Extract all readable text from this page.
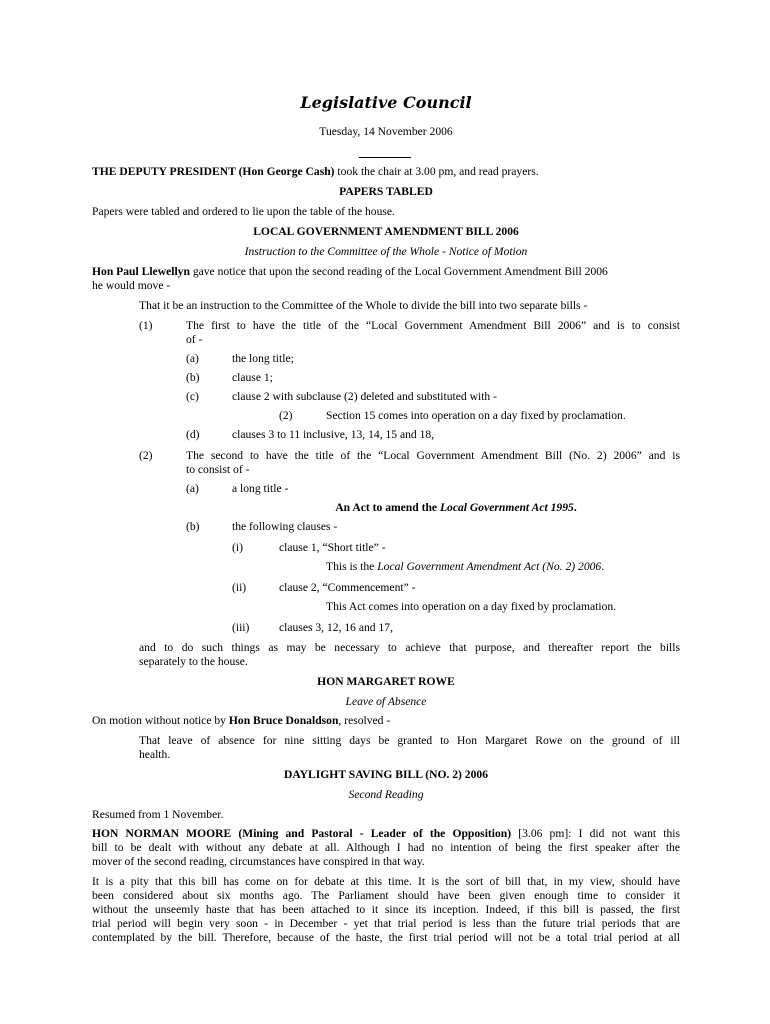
Legislative Council
Tuesday, 14 November 2006
THE DEPUTY PRESIDENT (Hon George Cash) took the chair at 3.00 pm, and read prayers.
PAPERS TABLED
Papers were tabled and ordered to lie upon the table of the house.
LOCAL GOVERNMENT AMENDMENT BILL 2006
Instruction to the Committee of the Whole - Notice of Motion
Hon Paul Llewellyn gave notice that upon the second reading of the Local Government Amendment Bill 2006
he would move -
That it be an instruction to the Committee of the Whole to divide the bill into two separate bills -
(1)	The first to have the title of the “Local Government Amendment Bill 2006” and is to consist
of -
(a)	the long title;
(b)	clause 1;
(c)	clause 2 with subclause (2) deleted and substituted with -
(2)	Section 15 comes into operation on a day fixed by proclamation.
(d)	clauses 3 to 11 inclusive, 13, 14, 15 and 18,
(2)	The second to have the title of the “Local Government Amendment Bill (No. 2) 2006” and is
to consist of -
(a)	a long title -
An Act to amend the Local Government Act 1995.
(b)	the following clauses -
(i)	clause 1, “Short title” -
This is the Local Government Amendment Act (No. 2) 2006.
(ii)	clause 2, “Commencement” -
This Act comes into operation on a day fixed by proclamation.
(iii)	clauses 3, 12, 16 and 17,
and to do such things as may be necessary to achieve that purpose, and thereafter report the bills
separately to the house.
HON MARGARET ROWE
Leave of Absence
On motion without notice by Hon Bruce Donaldson, resolved -
That leave of absence for nine sitting days be granted to Hon Margaret Rowe on the ground of ill
health.
DAYLIGHT SAVING BILL (NO. 2) 2006
Second Reading
Resumed from 1 November.
HON NORMAN MOORE (Mining and Pastoral - Leader of the Opposition) [3.06 pm]: I did not want this
bill to be dealt with without any debate at all. Although I had no intention of being the first speaker after the
mover of the second reading, circumstances have conspired in that way.
It is a pity that this bill has come on for debate at this time. It is the sort of bill that, in my view, should have
been considered about six months ago. The Parliament should have been given enough time to consider it
without the unseemly haste that has been attached to it since its inception. Indeed, if this bill is passed, the first
trial period will begin very soon - in December - yet that trial period is less than the future trial periods that are
contemplated by the bill. Therefore, because of the haste, the first trial period will not be a total trial period at all
